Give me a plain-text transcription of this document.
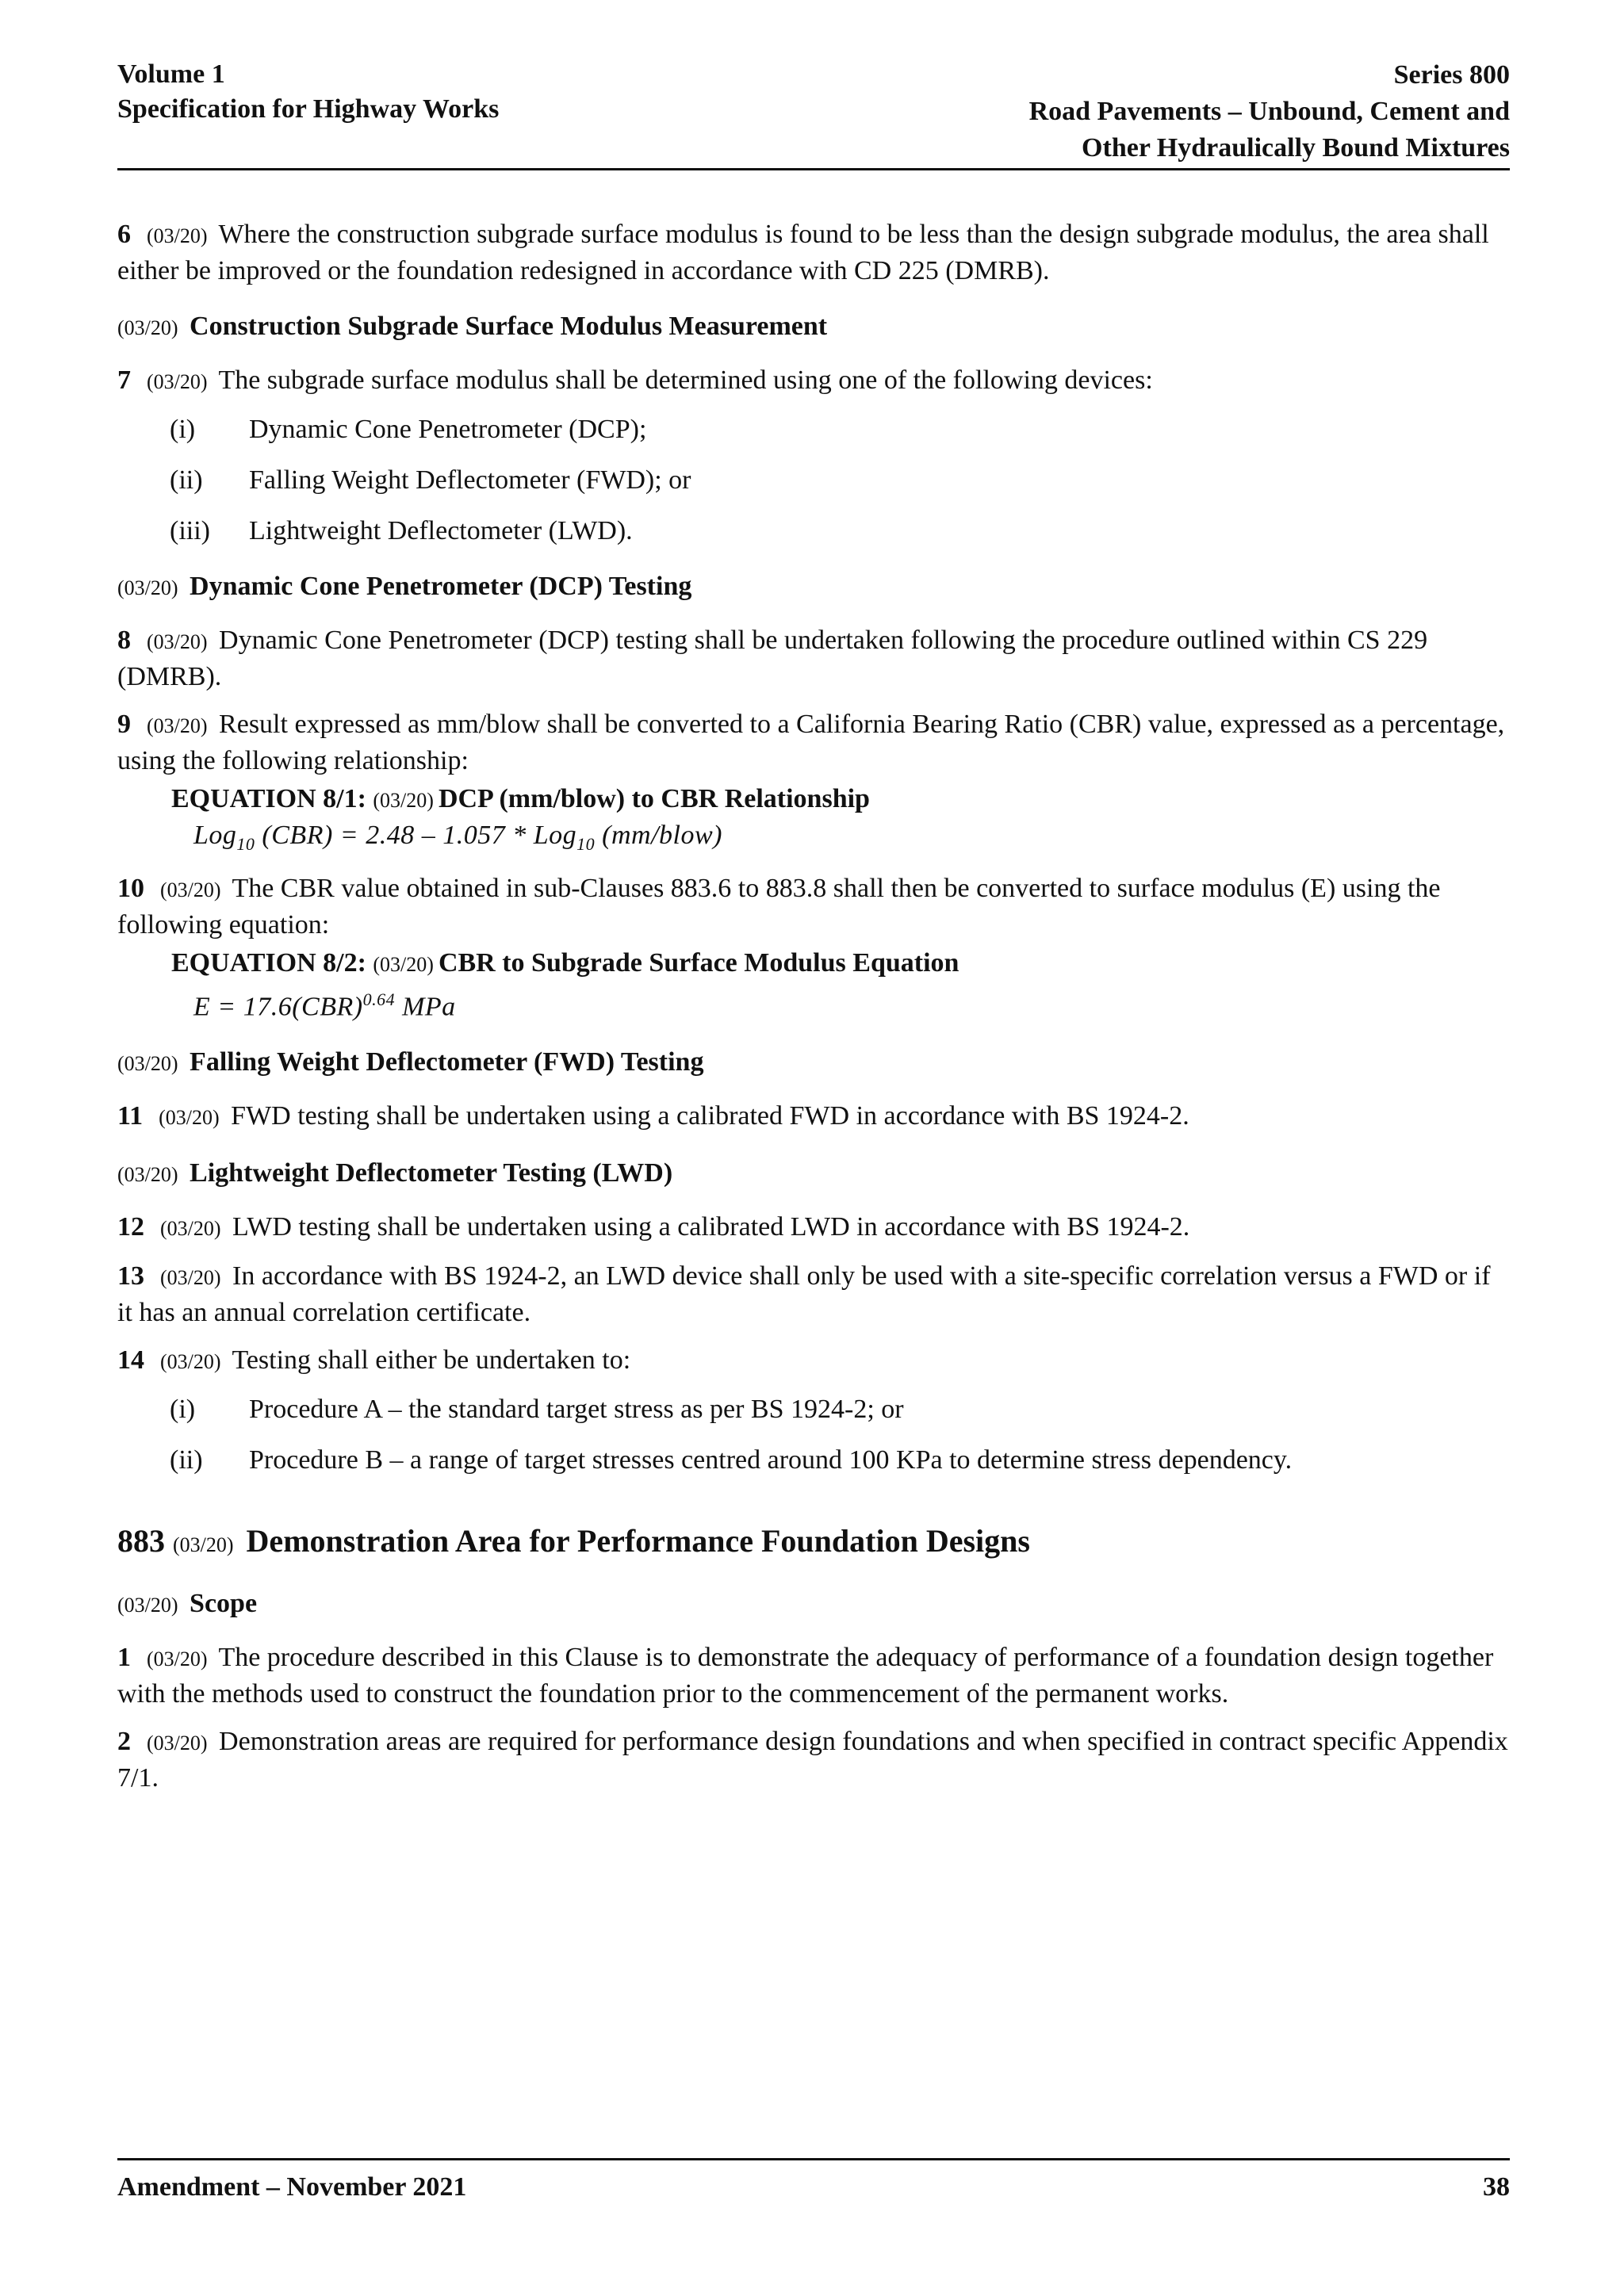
Volume 1
Specification for Highway Works
Series 800
Road Pavements – Unbound, Cement and
Other Hydraulically Bound Mixtures

6 (03/20) Where the construction subgrade surface modulus is found to be less than the design subgrade modulus, the area shall either be improved or the foundation redesigned in accordance with CD 225 (DMRB).

(03/20) Construction Subgrade Surface Modulus Measurement

7 (03/20) The subgrade surface modulus shall be determined using one of the following devices:

(i)	Dynamic Cone Penetrometer (DCP);
(ii)	Falling Weight Deflectometer (FWD); or
(iii)	Lightweight Deflectometer (LWD).
(03/20) Dynamic Cone Penetrometer (DCP) Testing

8 (03/20) Dynamic Cone Penetrometer (DCP) testing shall be undertaken following the procedure outlined within CS 229 (DMRB).

9 (03/20) Result expressed as mm/blow shall be converted to a California Bearing Ratio (CBR) value, expressed as a percentage, using the following relationship:

EQUATION 8/1: (03/20) DCP (mm/blow) to CBR Relationship
Log$_{10}$ (CBR) = 2.48 – 1.057 * Log$_{10}$ (mm/blow)

10 (03/20) The CBR value obtained in sub-Clauses 883.6 to 883.8 shall then be converted to surface modulus (E) using the following equation:

EQUATION 8/2: (03/20) CBR to Subgrade Surface Modulus Equation
E = 17.6(CBR)$^{0.64}$ MPa
(03/20) Falling Weight Deflectometer (FWD) Testing

11 (03/20) FWD testing shall be undertaken using a calibrated FWD in accordance with BS 1924-2.

(03/20) Lightweight Deflectometer Testing (LWD)

12 (03/20) LWD testing shall be undertaken using a calibrated LWD in accordance with BS 1924-2.

13 (03/20) In accordance with BS 1924-2, an LWD device shall only be used with a site-specific correlation versus a FWD or if it has an annual correlation certificate.

14 (03/20) Testing shall either be undertaken to:

(i)	Procedure A – the standard target stress as per BS 1924-2; or
(ii)	Procedure B – a range of target stresses centred around 100 KPa to determine stress dependency.
883 (03/20) Demonstration Area for Performance Foundation Designs
(03/20) Scope

1 (03/20) The procedure described in this Clause is to demonstrate the adequacy of performance of a foundation design together with the methods used to construct the foundation prior to the commencement of the permanent works.

2 (03/20) Demonstration areas are required for performance design foundations and when specified in contract specific Appendix 7/1.

Amendment – November 2021	38
